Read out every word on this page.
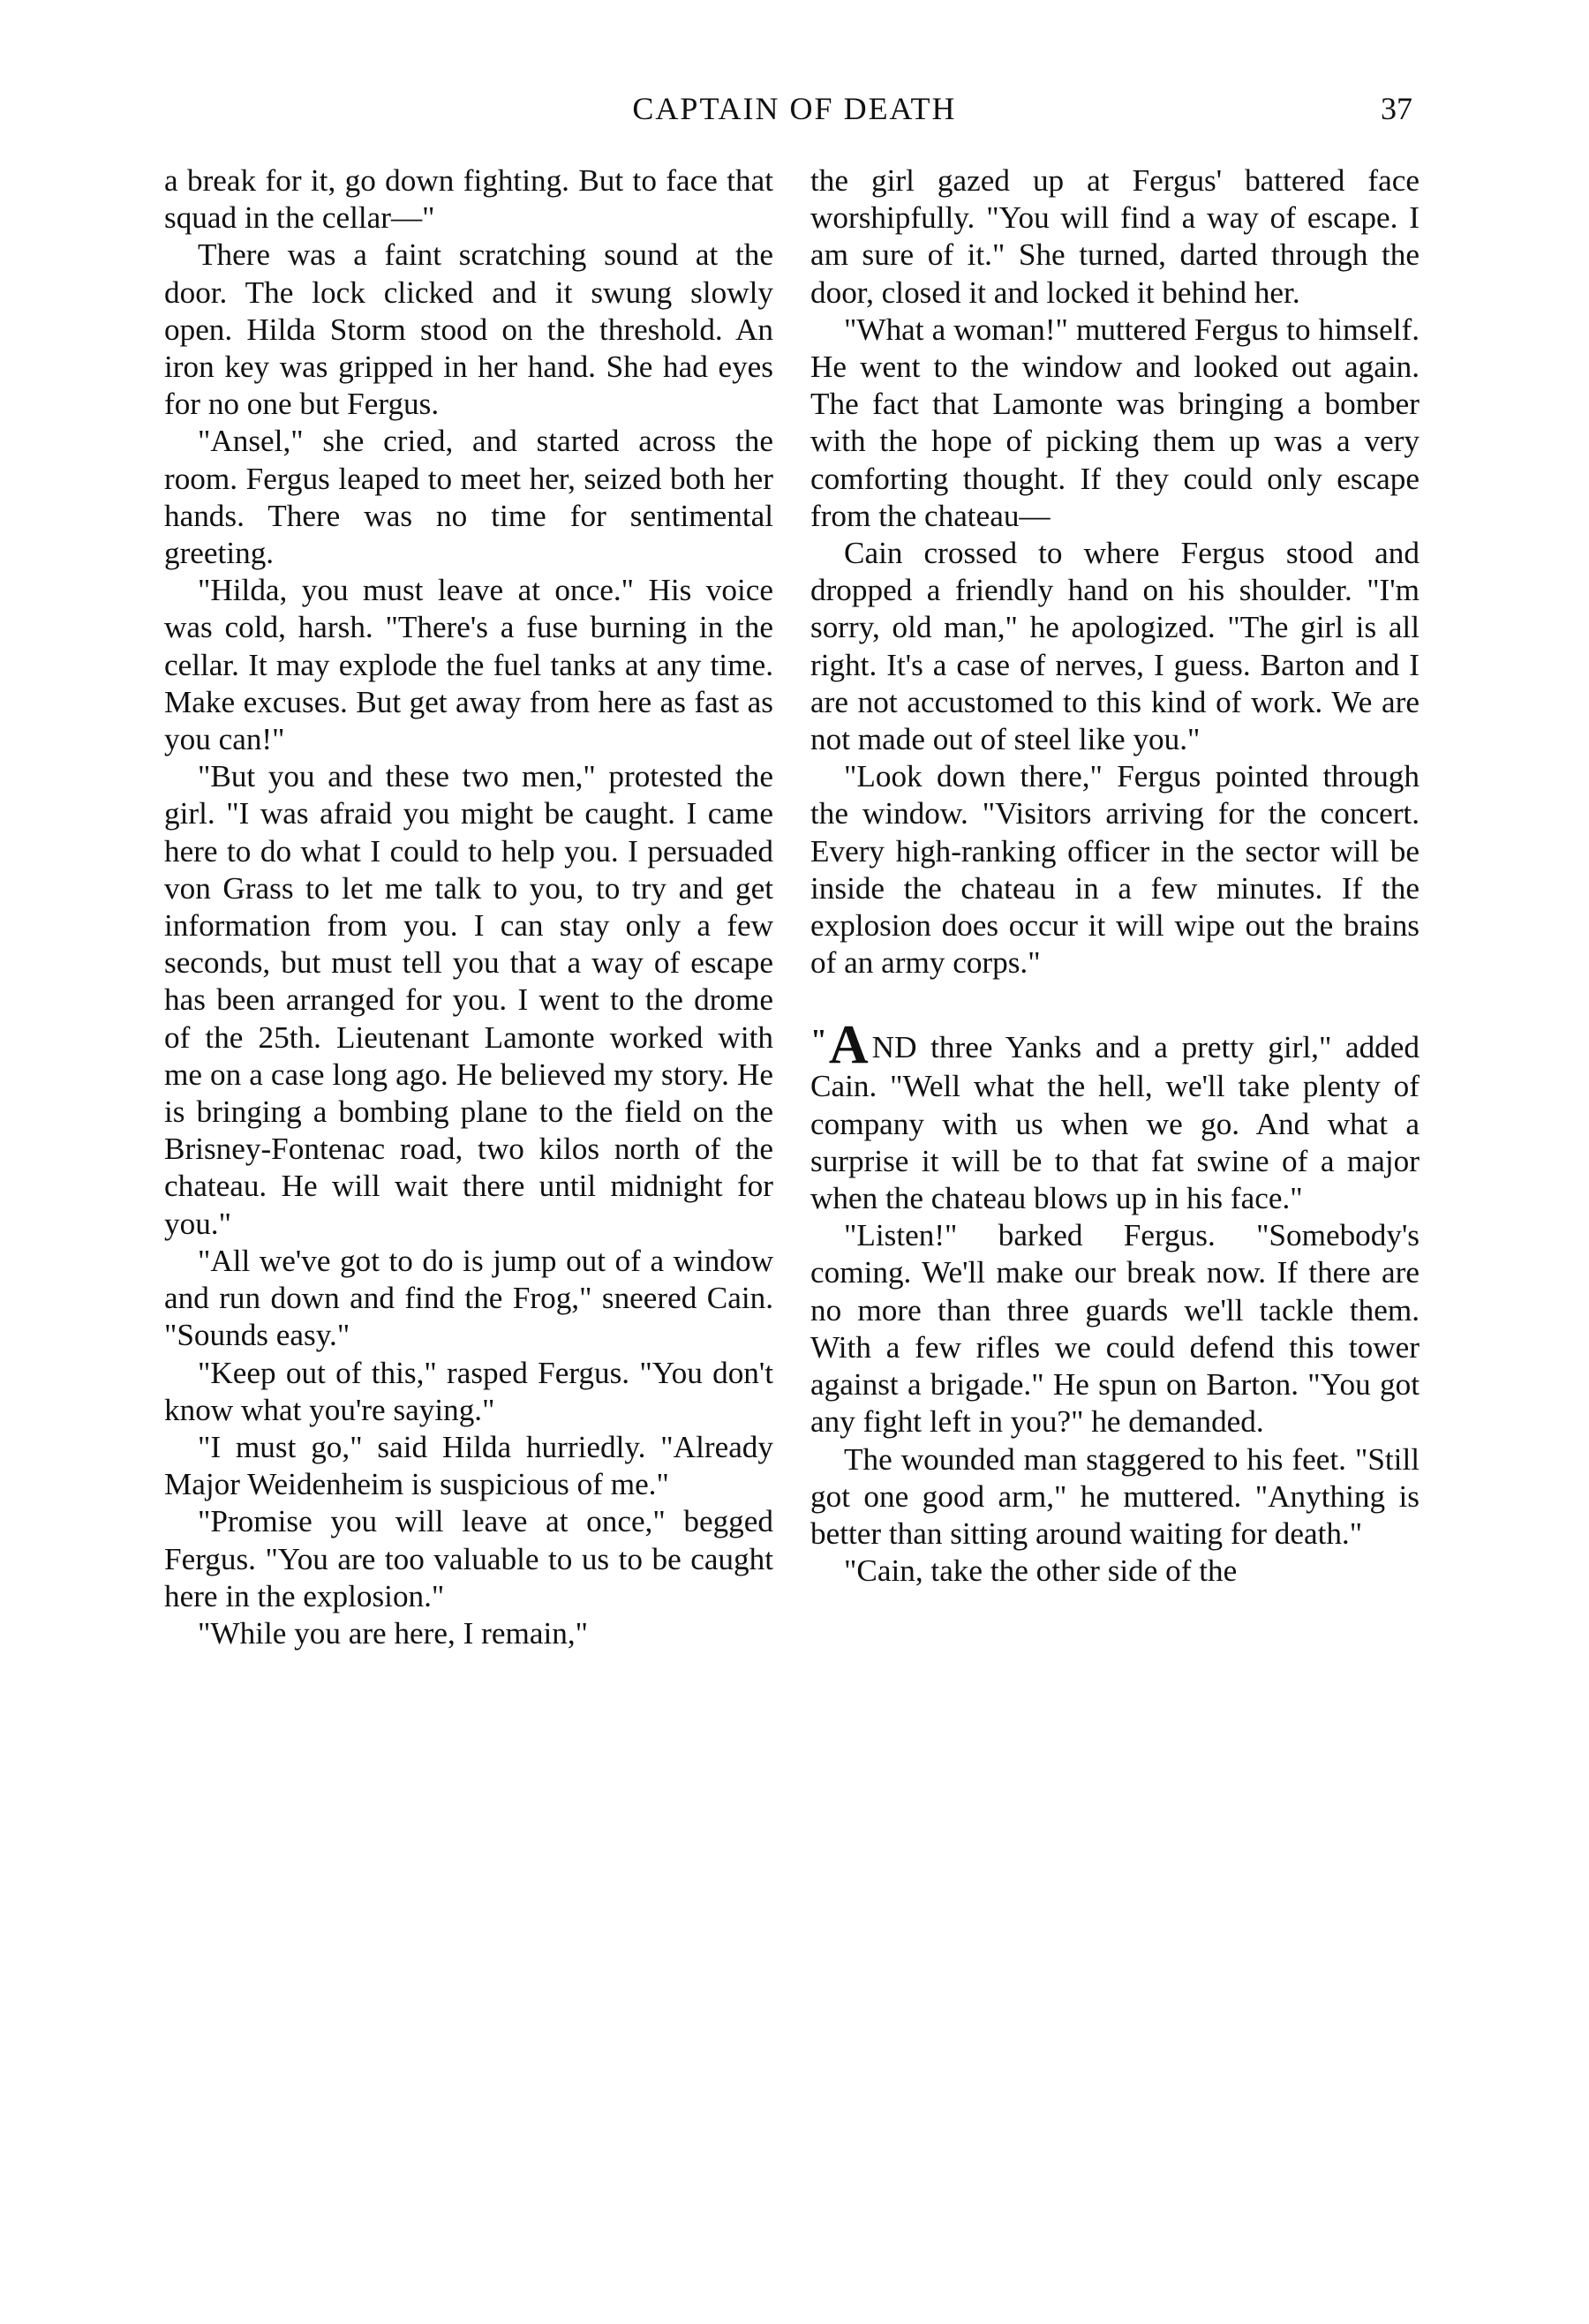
CAPTAIN OF DEATH	37

a break for it, go down fighting. But to face that squad in the cellar—"

There was a faint scratching sound at the door. The lock clicked and it swung slowly open. Hilda Storm stood on the threshold. An iron key was gripped in her hand. She had eyes for no one but Fergus.

"Ansel," she cried, and started across the room. Fergus leaped to meet her, seized both her hands. There was no time for sentimental greeting.

"Hilda, you must leave at once." His voice was cold, harsh. "There's a fuse burning in the cellar. It may explode the fuel tanks at any time. Make excuses. But get away from here as fast as you can!"

"But you and these two men," protested the girl. "I was afraid you might be caught. I came here to do what I could to help you. I persuaded von Grass to let me talk to you, to try and get information from you. I can stay only a few seconds, but must tell you that a way of escape has been arranged for you. I went to the drome of the 25th. Lieutenant Lamonte worked with me on a case long ago. He believed my story. He is bringing a bombing plane to the field on the Brisney-Fontenac road, two kilos north of the chateau. He will wait there until midnight for you."

"All we've got to do is jump out of a window and run down and find the Frog," sneered Cain. "Sounds easy."

"Keep out of this," rasped Fergus. "You don't know what you're saying."

"I must go," said Hilda hurriedly. "Already Major Weidenheim is suspicious of me."

"Promise you will leave at once," begged Fergus. "You are too valuable to us to be caught here in the explosion."

"While you are here, I remain,"

the girl gazed up at Fergus' battered face worshipfully. "You will find a way of escape. I am sure of it." She turned, darted through the door, closed it and locked it behind her.

"What a woman!" muttered Fergus to himself. He went to the window and looked out again. The fact that Lamonte was bringing a bomber with the hope of picking them up was a very comforting thought. If they could only escape from the chateau—

Cain crossed to where Fergus stood and dropped a friendly hand on his shoulder. "I'm sorry, old man," he apologized. "The girl is all right. It's a case of nerves, I guess. Barton and I are not accustomed to this kind of work. We are not made out of steel like you."

"Look down there," Fergus pointed through the window. "Visitors arriving for the concert. Every high-ranking officer in the sector will be inside the chateau in a few minutes. If the explosion does occur it will wipe out the brains of an army corps."

"A ND three Yanks and a pretty girl," added Cain. "Well what the hell, we'll take plenty of company with us when we go. And what a surprise it will be to that fat swine of a major when the chateau blows up in his face."

"Listen!" barked Fergus. "Somebody's coming. We'll make our break now. If there are no more than three guards we'll tackle them. With a few rifles we could defend this tower against a brigade." He spun on Barton. "You got any fight left in you?" he demanded.

The wounded man staggered to his feet. "Still got one good arm," he muttered. "Anything is better than sitting around waiting for death."

"Cain, take the other side of the
